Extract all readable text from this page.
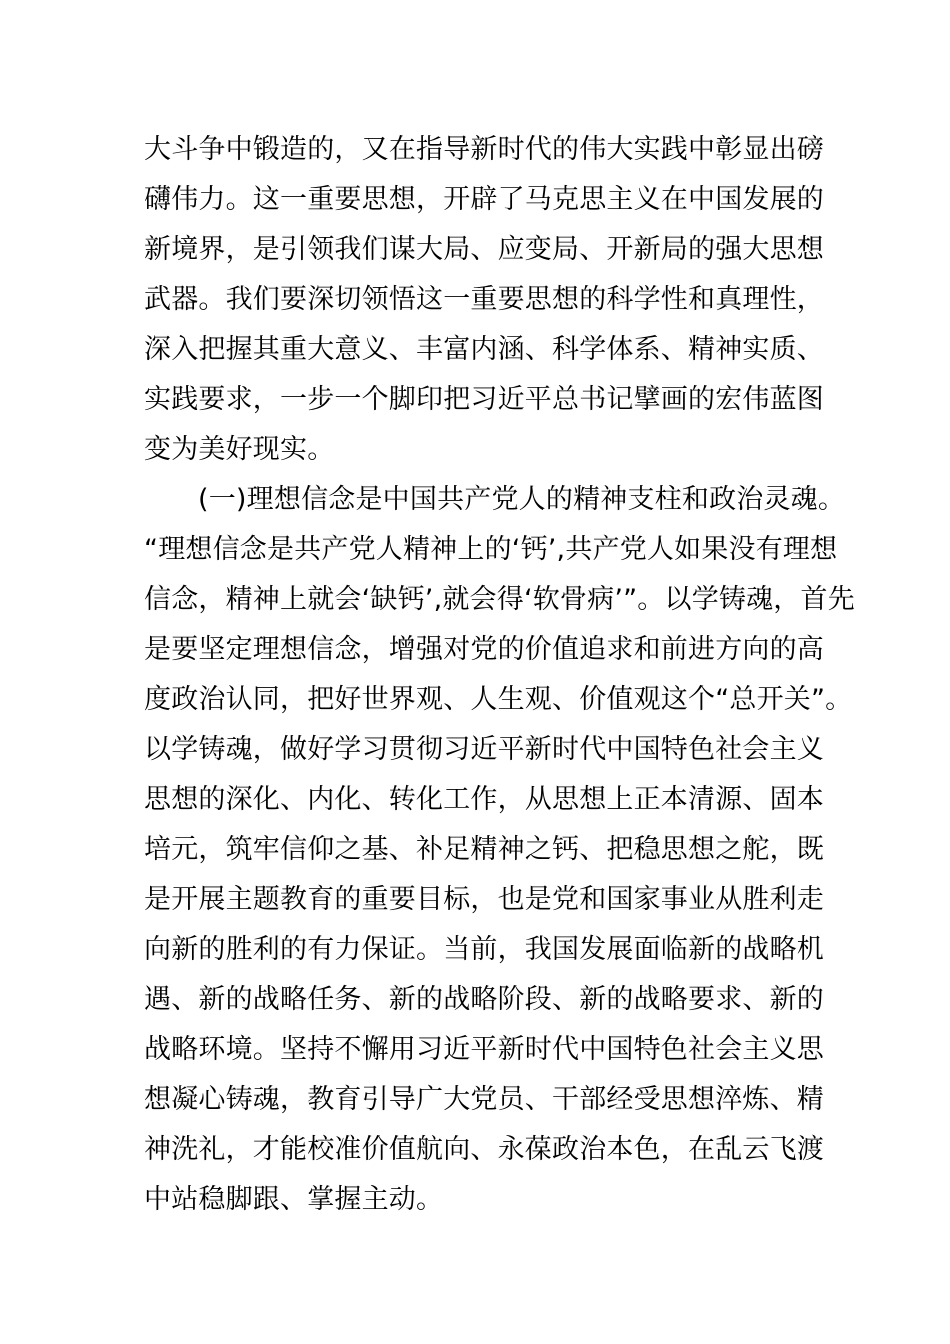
大斗争中锻造的，又在指导新时代的伟大实践中彰显出磅
礴伟力。这一重要思想，开辟了马克思主义在中国发展的
新境界，是引领我们谋大局、应变局、开新局的强大思想
武器。我们要深切领悟这一重要思想的科学性和真理性，
深入把握其重大意义、丰富内涵、科学体系、精神实质、
实践要求，一步一个脚印把习近平总书记擘画的宏伟蓝图
变为美好现实。
(一)理想信念是中国共产党人的精神支柱和政治灵魂。
“理想信念是共产党人精神上的‘钙’,共产党人如果没有理想
信念，精神上就会‘缺钙’,就会得‘软骨病’”。以学铸魂，首先
是要坚定理想信念，增强对党的价值追求和前进方向的高
度政治认同，把好世界观、人生观、价值观这个“总开关”。
以学铸魂，做好学习贯彻习近平新时代中国特色社会主义
思想的深化、内化、转化工作，从思想上正本清源、固本
培元，筑牢信仰之基、补足精神之钙、把稳思想之舵，既
是开展主题教育的重要目标，也是党和国家事业从胜利走
向新的胜利的有力保证。当前，我国发展面临新的战略机
遇、新的战略任务、新的战略阶段、新的战略要求、新的
战略环境。坚持不懈用习近平新时代中国特色社会主义思
想凝心铸魂，教育引导广大党员、干部经受思想淬炼、精
神洗礼，才能校准价值航向、永葆政治本色，在乱云飞渡
中站稳脚跟、掌握主动。
